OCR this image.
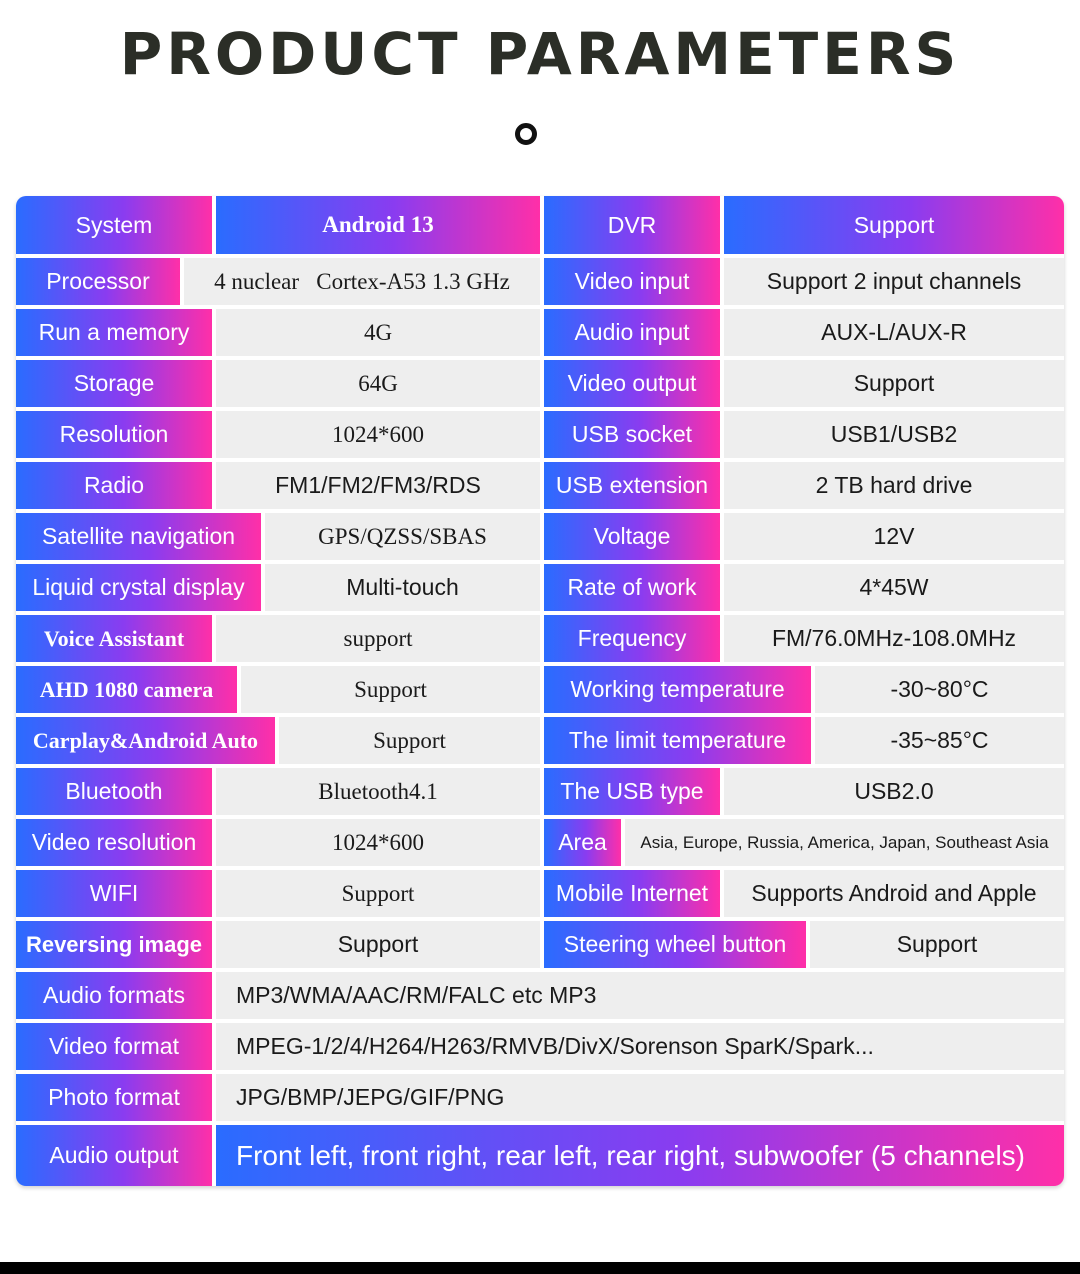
PRODUCT PARAMETERS
System	Android 13	DVR	Support
Processor	4 nuclear   Cortex-A53 1.3 GHz	Video input	Support 2 input channels
Run a memory	4G	Audio input	AUX-L/AUX-R
Storage	64G	Video output	Support
Resolution	1024*600	USB socket	USB1/USB2
Radio	FM1/FM2/FM3/RDS	USB extension	2 TB hard drive
Satellite navigation	GPS/QZSS/SBAS	Voltage	12V
Liquid crystal display	Multi-touch	Rate of work	4*45W
Voice Assistant	support	Frequency	FM/76.0MHz-108.0MHz
AHD 1080 camera	Support	Working temperature	-30~80°C
Carplay&Android Auto	Support	The limit temperature	-35~85°C
Bluetooth	Bluetooth4.1	The USB type	USB2.0
Video resolution	1024*600	Area	Asia, Europe, Russia, America, Japan, Southeast Asia
WIFI	Support	Mobile Internet	Supports Android and Apple
Reversing image	Support	Steering wheel button	Support
Audio formats	MP3/WMA/AAC/RM/FALC etc MP3
Video format	MPEG-1/2/4/H264/H263/RMVB/DivX/Sorenson SparK/Spark...
Photo format	JPG/BMP/JEPG/GIF/PNG
Audio output	Front left, front right, rear left, rear right, subwoofer (5 channels)
